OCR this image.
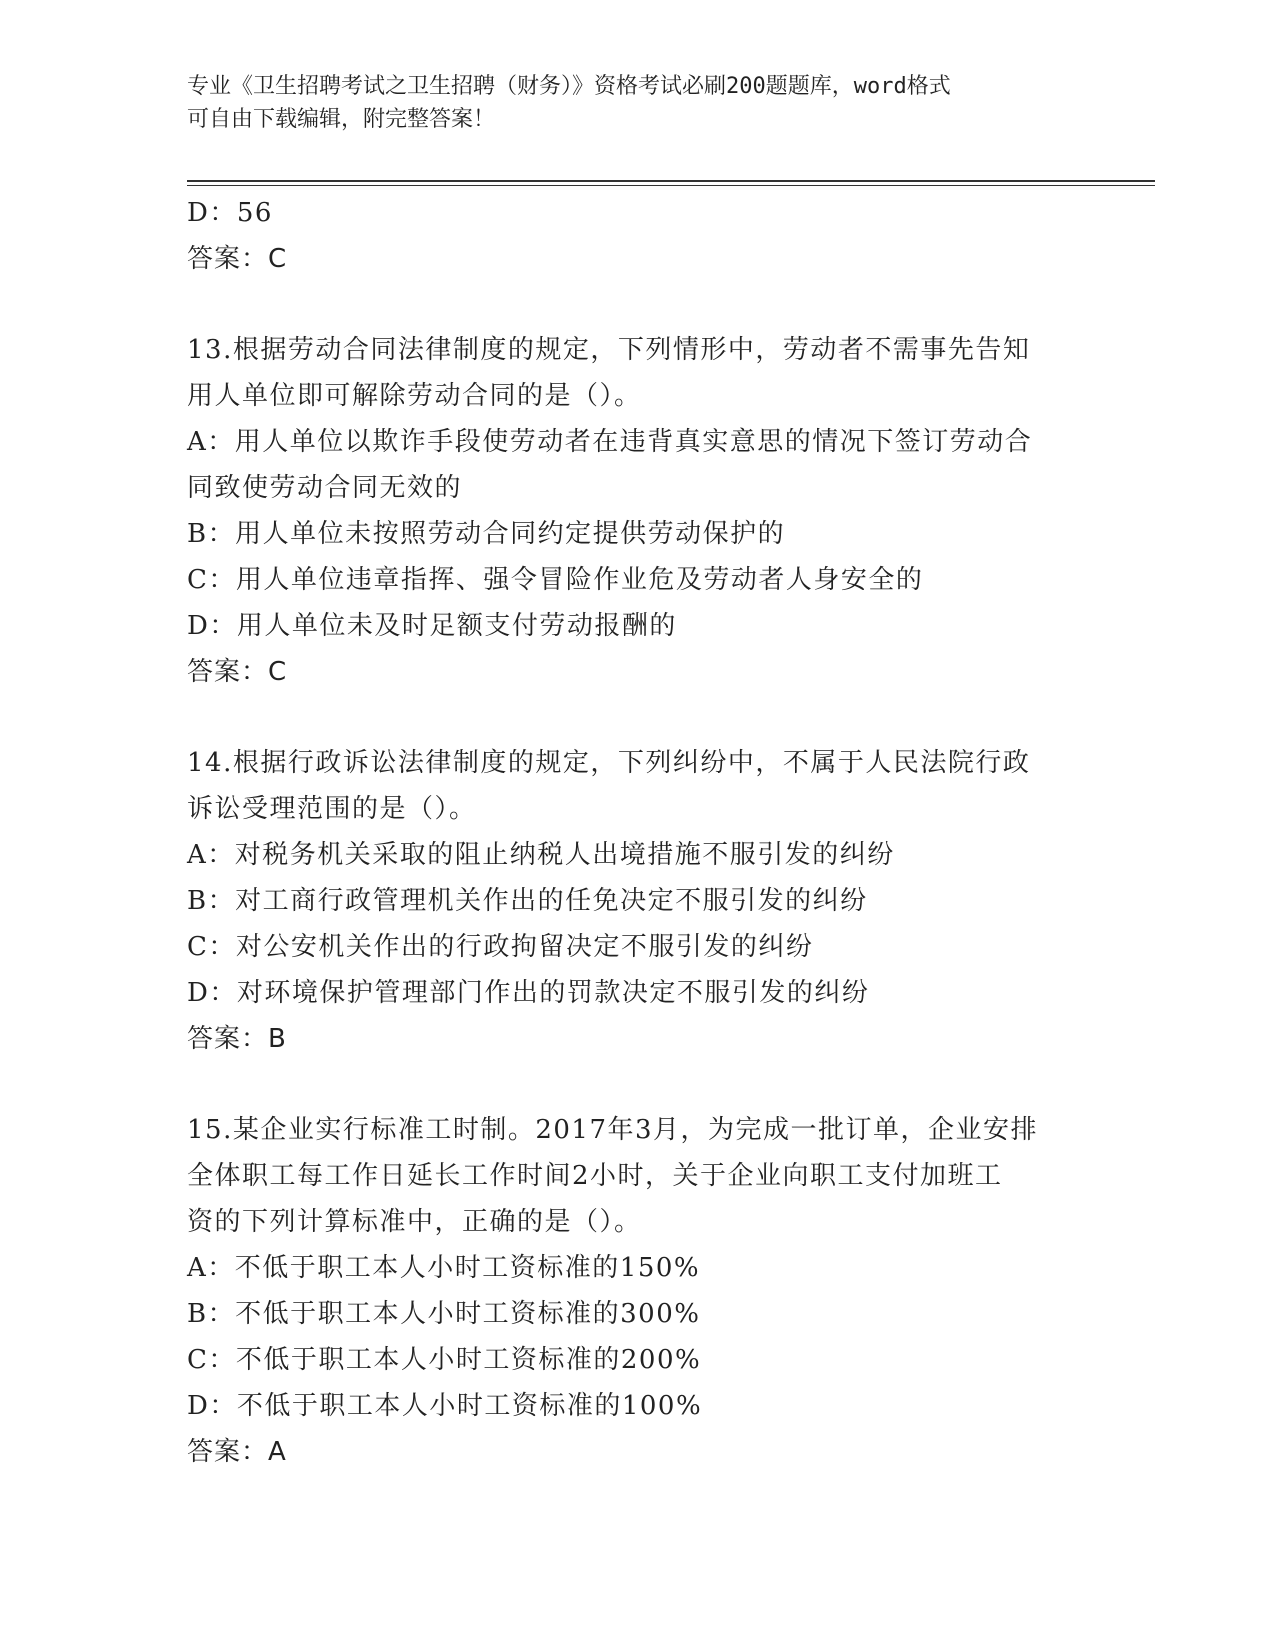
专业《卫生招聘考试之卫生招聘（财务）》资格考试必刷200题题库，word格式
可自由下载编辑，附完整答案！
D：56
答案：C
13.根据劳动合同法律制度的规定，下列情形中，劳动者不需事先告知
用人单位即可解除劳动合同的是（）。
A：用人单位以欺诈手段使劳动者在违背真实意思的情况下签订劳动合
同致使劳动合同无效的
B：用人单位未按照劳动合同约定提供劳动保护的
C：用人单位违章指挥、强令冒险作业危及劳动者人身安全的
D：用人单位未及时足额支付劳动报酬的
答案：C
14.根据行政诉讼法律制度的规定，下列纠纷中，不属于人民法院行政
诉讼受理范围的是（）。
A：对税务机关采取的阻止纳税人出境措施不服引发的纠纷
B：对工商行政管理机关作出的任免决定不服引发的纠纷
C：对公安机关作出的行政拘留决定不服引发的纠纷
D：对环境保护管理部门作出的罚款决定不服引发的纠纷
答案：B
15.某企业实行标准工时制。2017年3月，为完成一批订单，企业安排
全体职工每工作日延长工作时间2小时，关于企业向职工支付加班工
资的下列计算标准中，正确的是（）。
A：不低于职工本人小时工资标准的150%
B：不低于职工本人小时工资标准的300%
C：不低于职工本人小时工资标准的200%
D：不低于职工本人小时工资标准的100%
答案：A
